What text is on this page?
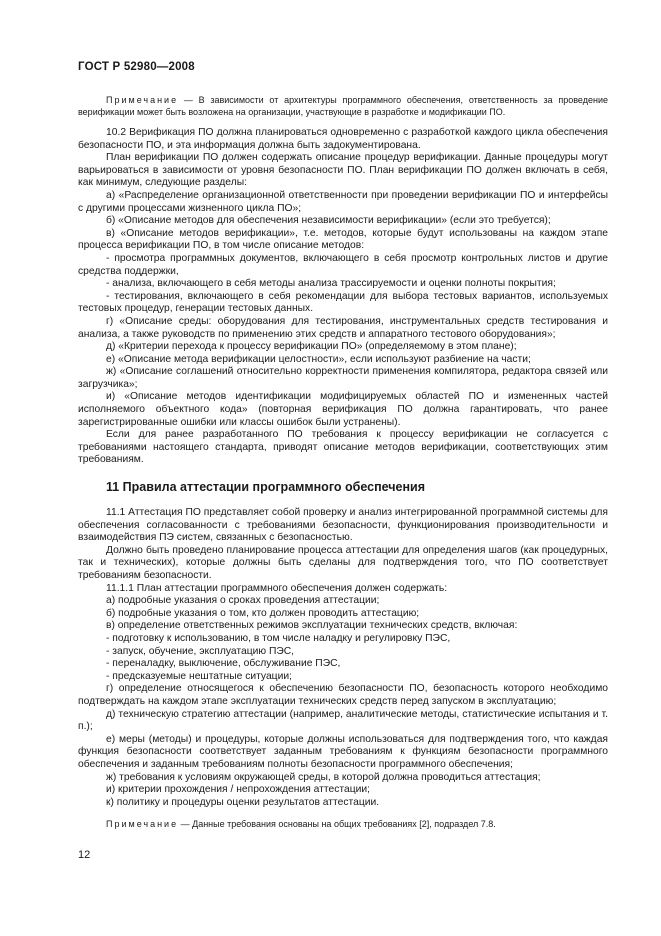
ГОСТ Р 52980—2008

Примечание — В зависимости от архитектуры программного обеспечения, ответственность за проведение верификации может быть возложена на организации, участвующие в разработке и модификации ПО.

10.2 Верификация ПО должна планироваться одновременно с разработкой каждого цикла обеспечения безопасности ПО, и эта информация должна быть задокументирована.

План верификации ПО должен содержать описание процедур верификации. Данные процедуры могут варьироваться в зависимости от уровня безопасности ПО. План верификации ПО должен включать в себя, как минимум, следующие разделы:

а) «Распределение организационной ответственности при проведении верификации ПО и интерфейсы с другими процессами жизненного цикла ПО»;

б) «Описание методов для обеспечения независимости верификации» (если это требуется);

в) «Описание методов верификации», т.е. методов, которые будут использованы на каждом этапе процесса верификации ПО, в том числе описание методов:

- просмотра программных документов, включающего в себя просмотр контрольных листов и другие средства поддержки,

- анализа, включающего в себя методы анализа трассируемости и оценки полноты покрытия;

- тестирования, включающего в себя рекомендации для выбора тестовых вариантов, используемых тестовых процедур, генерации тестовых данных.

г) «Описание среды: оборудования для тестирования, инструментальных средств тестирования и анализа, а также руководств по применению этих средств и аппаратного тестового оборудования»;

д) «Критерии перехода к процессу верификации ПО» (определяемому в этом плане);

е) «Описание метода верификации целостности», если используют разбиение на части;

ж) «Описание соглашений относительно корректности применения компилятора, редактора связей или загрузчика»;

и) «Описание методов идентификации модифицируемых областей ПО и измененных частей исполняемого объектного кода» (повторная верификация ПО должна гарантировать, что ранее зарегистрированные ошибки или классы ошибок были устранены).

Если для ранее разработанного ПО требования к процессу верификации не согласуется с требованиями настоящего стандарта, приводят описание методов верификации, соответствующих этим требованиям.

11 Правила аттестации программного обеспечения

11.1 Аттестация ПО представляет собой проверку и анализ интегрированной программной системы для обеспечения согласованности с требованиями безопасности, функционирования производительности и взаимодействия ПЭ систем, связанных с безопасностью.

Должно быть проведено планирование процесса аттестации для определения шагов (как процедурных, так и технических), которые должны быть сделаны для подтверждения того, что ПО соответствует требованиям безопасности.

11.1.1 План аттестации программного обеспечения должен содержать:

а) подробные указания о сроках проведения аттестации;

б) подробные указания о том, кто должен проводить аттестацию;

в) определение ответственных режимов эксплуатации технических средств, включая:

- подготовку к использованию, в том числе наладку и регулировку ПЭС,

- запуск, обучение, эксплуатацию ПЭС,

- переналадку, выключение, обслуживание ПЭС,

- предсказуемые нештатные ситуации;

г) определение относящегося к обеспечению безопасности ПО, безопасность которого необходимо подтверждать на каждом этапе эксплуатации технических средств перед запуском в эксплуатацию;

д) техническую стратегию аттестации (например, аналитические методы, статистические испытания и т. п.);

е) меры (методы) и процедуры, которые должны использоваться для подтверждения того, что каждая функция безопасности соответствует заданным требованиям к функциям безопасности программного обеспечения и заданным требованиям полноты безопасности программного обеспечения;

ж) требования к условиям окружающей среды, в которой должна проводиться аттестация;

и) критерии прохождения / непрохождения аттестации;

к) политику и процедуры оценки результатов аттестации.

Примечание — Данные требования основаны на общих требованиях [2], подраздел 7.8.

12
